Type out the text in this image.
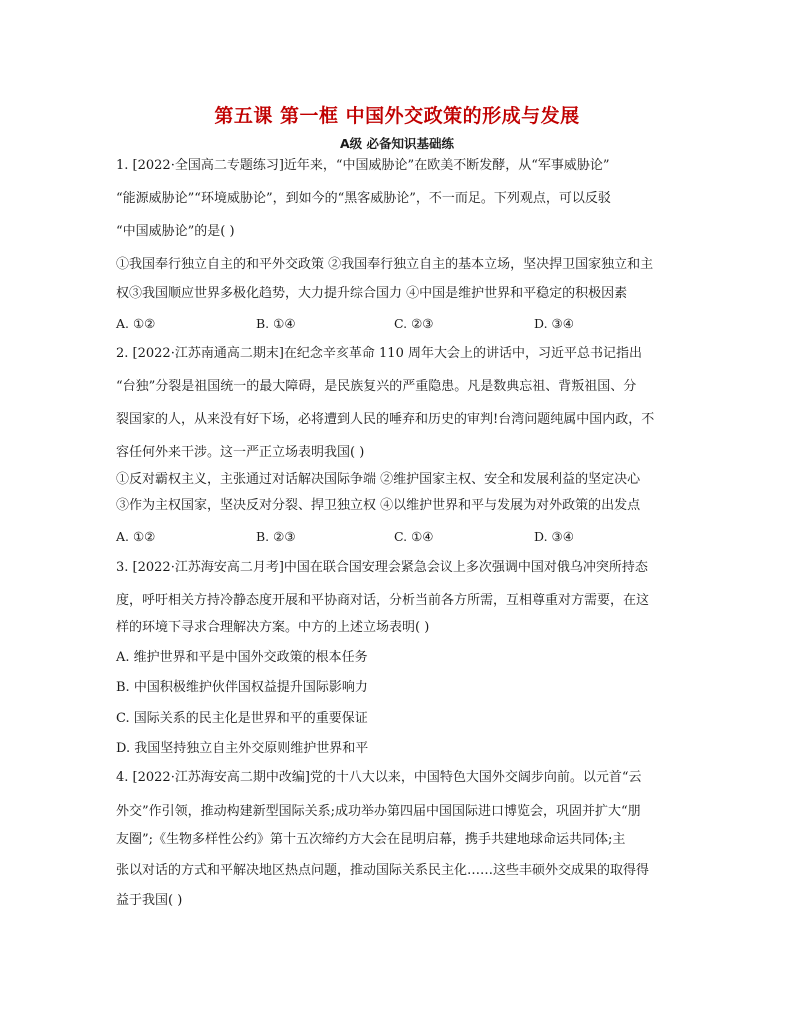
第五课 第一框 中国外交政策的形成与发展
A级 必备知识基础练
1. [2022·全国高二专题练习]近年来，“中国威胁论”在欧美不断发酵，从“军事威胁论”
“能源威胁论”“环境威胁论”，到如今的“黑客威胁论”，不一而足。下列观点，可以反驳
“中国威胁论”的是( )
①我国奉行独立自主的和平外交政策 ②我国奉行独立自主的基本立场，坚决捍卫国家独立和主
权③我国顺应世界多极化趋势，大力提升综合国力 ④中国是维护世界和平稳定的积极因素
A. ①②	B. ①④	C. ②③	D. ③④
2. [2022·江苏南通高二期末]在纪念辛亥革命 110 周年大会上的讲话中，习近平总书记指出
“台独”分裂是祖国统一的最大障碍，是民族复兴的严重隐患。凡是数典忘祖、背叛祖国、分
裂国家的人，从来没有好下场，必将遭到人民的唾弃和历史的审判!台湾问题纯属中国内政，不
容任何外来干涉。这一严正立场表明我国( )
①反对霸权主义，主张通过对话解决国际争端 ②维护国家主权、安全和发展利益的坚定决心
③作为主权国家，坚决反对分裂、捍卫独立权 ④以维护世界和平与发展为对外政策的出发点
A. ①②	B. ②③	C. ①④	D. ③④
3. [2022·江苏海安高二月考]中国在联合国安理会紧急会议上多次强调中国对俄乌冲突所持态
度，呼吁相关方持冷静态度开展和平协商对话，分析当前各方所需，互相尊重对方需要，在这
样的环境下寻求合理解决方案。中方的上述立场表明( )
A. 维护世界和平是中国外交政策的根本任务
B. 中国积极维护伙伴国权益提升国际影响力
C. 国际关系的民主化是世界和平的重要保证
D. 我国坚持独立自主外交原则维护世界和平
4. [2022·江苏海安高二期中改编]党的十八大以来，中国特色大国外交阔步向前。以元首“云
外交”作引领，推动构建新型国际关系;成功举办第四届中国国际进口博览会，巩固并扩大“朋
友圈”;《生物多样性公约》第十五次缔约方大会在昆明启幕，携手共建地球命运共同体;主
张以对话的方式和平解决地区热点问题，推动国际关系民主化……这些丰硕外交成果的取得得
益于我国( )
